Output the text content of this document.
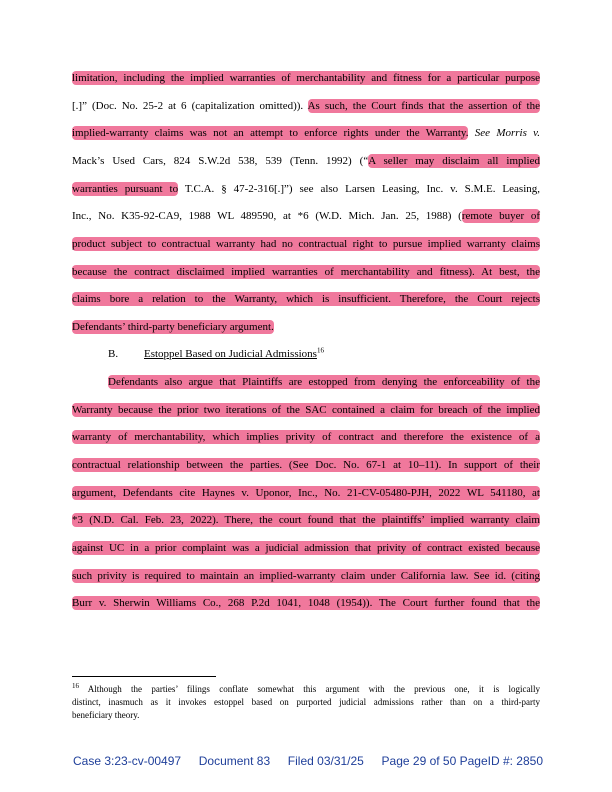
limitation, including the implied warranties of merchantability and fitness for a particular purpose
[.]” (Doc. No. 25-2 at 6 (capitalization omitted)). As such, the Court finds that the assertion of the
implied-warranty claims was not an attempt to enforce rights under the Warranty. See Morris v.
Mack’s Used Cars, 824 S.W.2d 538, 539 (Tenn. 1992) (“A seller may disclaim all implied
warranties pursuant to T.C.A. § 47-2-316[.]”) see also Larsen Leasing, Inc. v. S.M.E. Leasing,
Inc., No. K35-92-CA9, 1988 WL 489590, at *6 (W.D. Mich. Jan. 25, 1988) (remote buyer of
product subject to contractual warranty had no contractual right to pursue implied warranty claims
because the contract disclaimed implied warranties of merchantability and fitness). At best, the
claims bore a relation to the Warranty, which is insufficient. Therefore, the Court rejects
Defendants’ third-party beneficiary argument.
B. Estoppel Based on Judicial Admissions$^{16}$
Defendants also argue that Plaintiffs are estopped from denying the enforceability of the
Warranty because the prior two iterations of the SAC contained a claim for breach of the implied
warranty of merchantability, which implies privity of contract and therefore the existence of a
contractual relationship between the parties. (See Doc. No. 67-1 at 10–11). In support of their
argument, Defendants cite Haynes v. Uponor, Inc., No. 21-CV-05480-PJH, 2022 WL 541180, at
*3 (N.D. Cal. Feb. 23, 2022). There, the court found that the plaintiffs’ implied warranty claim
against UC in a prior complaint was a judicial admission that privity of contract existed because
such privity is required to maintain an implied-warranty claim under California law. See id. (citing
Burr v. Sherwin Williams Co., 268 P.2d 1041, 1048 (1954)). The Court further found that the
$^{16}$ Although the parties’ filings conflate somewhat this argument with the previous one, it is logically
distinct, inasmuch as it invokes estoppel based on purported judicial admissions rather than on a third-party
beneficiary theory.
Case 3:23-cv-00497 Document 83 Filed 03/31/25 Page 29 of 50 PageID #: 2850
